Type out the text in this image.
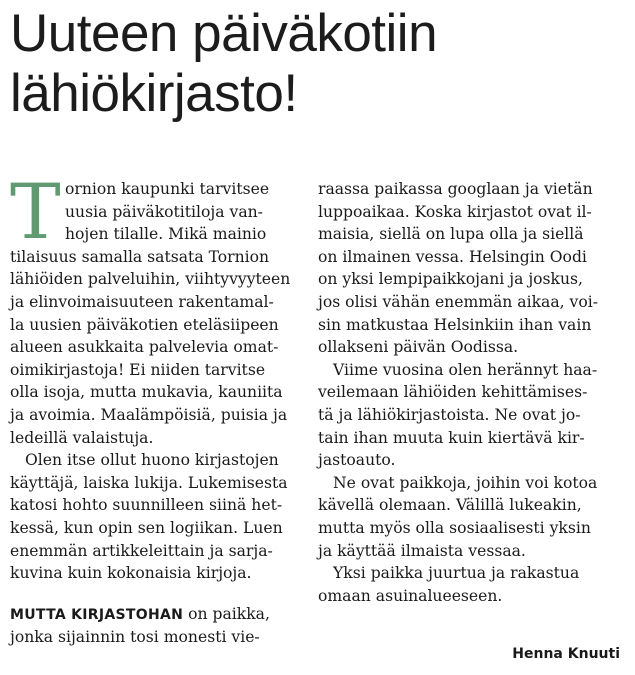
Uuteen päiväkotiin
lähiökirjasto!

T ornion kaupunki tarvitsee
uusia päiväkotitiloja van-
hojen tilalle. Mikä mainio
tilaisuus samalla satsata Tornion
lähiöiden palveluihin, viihtyvyyteen
ja elinvoimaisuuteen rakentamal-
la uusien päiväkotien eteläsiipeen
alueen asukkaita palvelevia omat-
oimikirjastoja! Ei niiden tarvitse
olla isoja, mutta mukavia, kauniita
ja avoimia. Maalämpöisiä, puisia ja
ledeillä valaistuja.

Olen itse ollut huono kirjastojen
käyttäjä, laiska lukija. Lukemisesta
katosi hohto suunnilleen siinä het-
kessä, kun opin sen logiikan. Luen
enemmän artikkeleittain ja sarja-
kuvina kuin kokonaisia kirjoja.

MUTTA KIRJASTOHAN on paikka,
jonka sijainnin tosi monesti vie-

raassa paikassa googlaan ja vietän
luppoaikaa. Koska kirjastot ovat il-
maisia, siellä on lupa olla ja siellä
on ilmainen vessa. Helsingin Oodi
on yksi lempipaikkojani ja joskus,
jos olisi vähän enemmän aikaa, voi-
sin matkustaa Helsinkiin ihan vain
ollakseni päivän Oodissa.

Viime vuosina olen herännyt haa-
veilemaan lähiöiden kehittämises-
tä ja lähiökirjastoista. Ne ovat jo-
tain ihan muuta kuin kiertävä kir-
jastoauto.

Ne ovat paikkoja, joihin voi kotoa
kävellä olemaan. Välillä lukeakin,
mutta myös olla sosiaalisesti yksin
ja käyttää ilmaista vessaa.

Yksi paikka juurtua ja rakastua
omaan asuinalueeseen.

Henna Knuuti
